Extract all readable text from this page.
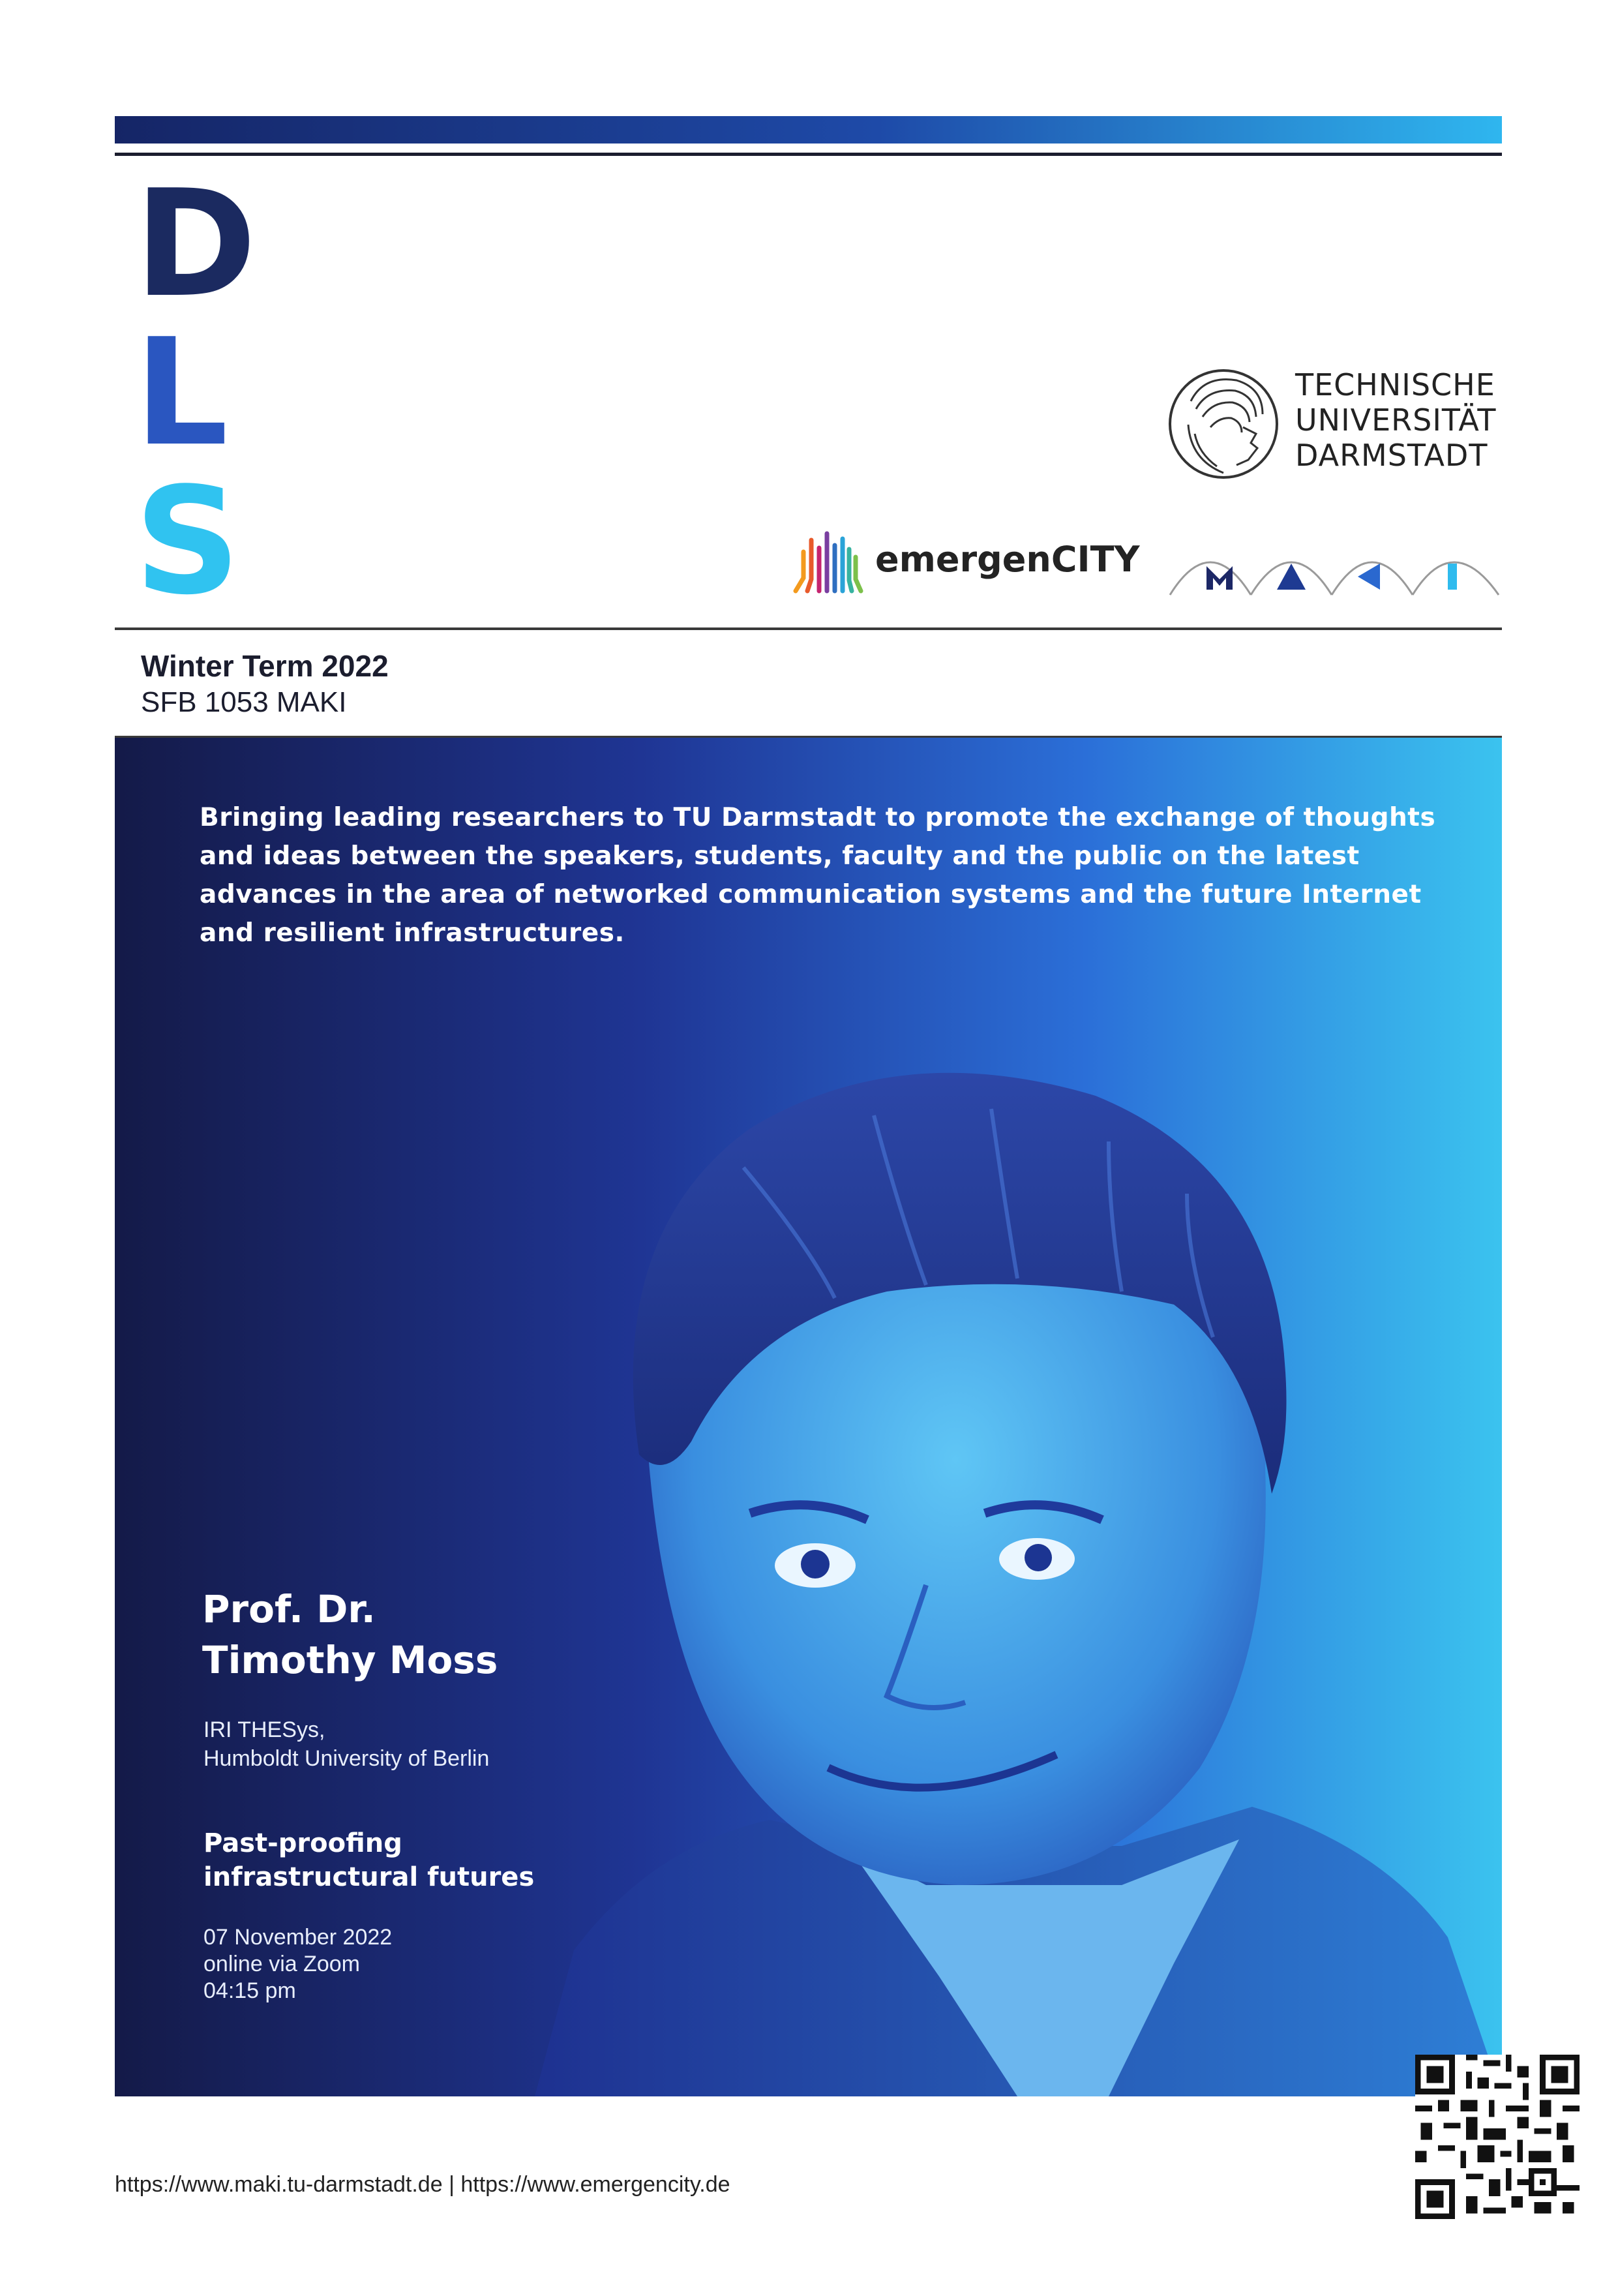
DISTINGUISHED
LECTURE
SERIES
TECHNISCHE
UNIVERSITÄT
DARMSTADT
emergenCITY
Winter Term 2022
SFB 1053 MAKI
Bringing leading researchers to TU Darmstadt to promote the exchange of thoughts and ideas between the speakers, students, faculty and the public on the latest advances in the area of networked communication systems and the future Internet and resilient infrastructures.
Prof. Dr.
Timothy Moss
IRI THESys,
Humboldt University of Berlin
Past-proofing
infrastructural futures
07 November 2022
online via Zoom
04:15 pm
https://www.maki.tu-darmstadt.de | https://www.emergencity.de
